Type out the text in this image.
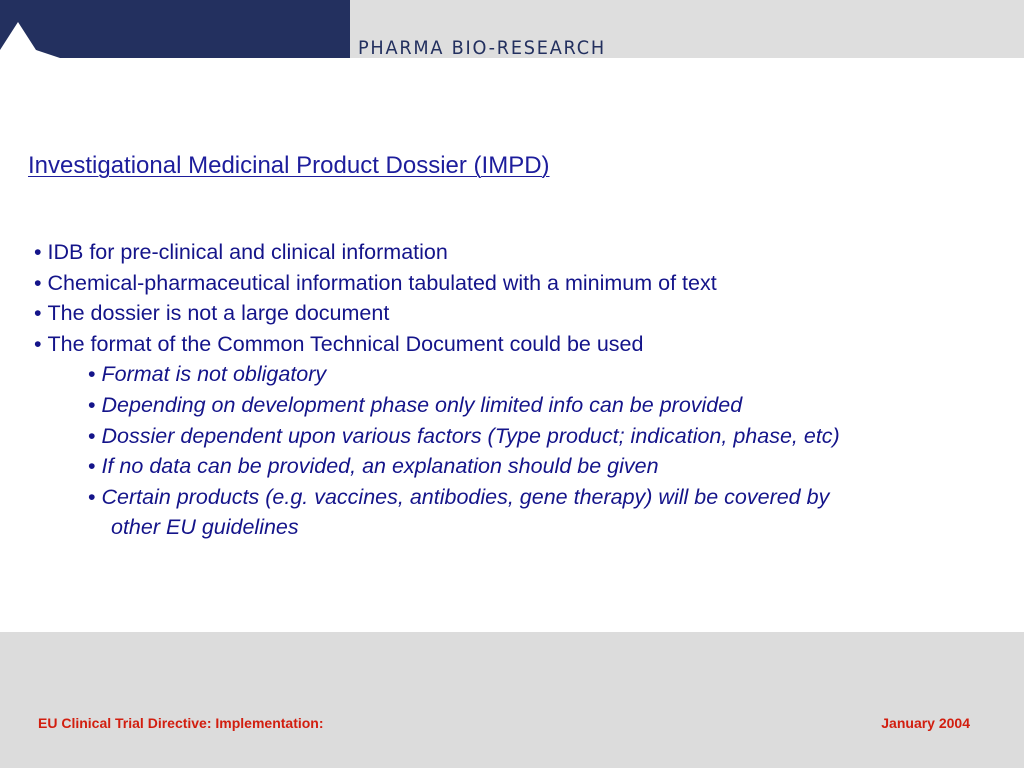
PHARMA BIO-RESEARCH
Investigational Medicinal Product Dossier (IMPD)
• IDB for pre-clinical and clinical information
• Chemical-pharmaceutical information tabulated with a minimum of text
• The dossier is not a large document
• The format of the Common Technical Document could be used
• Format is not obligatory
• Depending on development phase only limited info can be provided
• Dossier dependent upon various factors (Type product; indication, phase, etc)
• If no data can be provided, an explanation should be given
• Certain products (e.g. vaccines, antibodies, gene therapy) will be covered by
other EU guidelines
EU Clinical Trial Directive: Implementation:	January 2004
